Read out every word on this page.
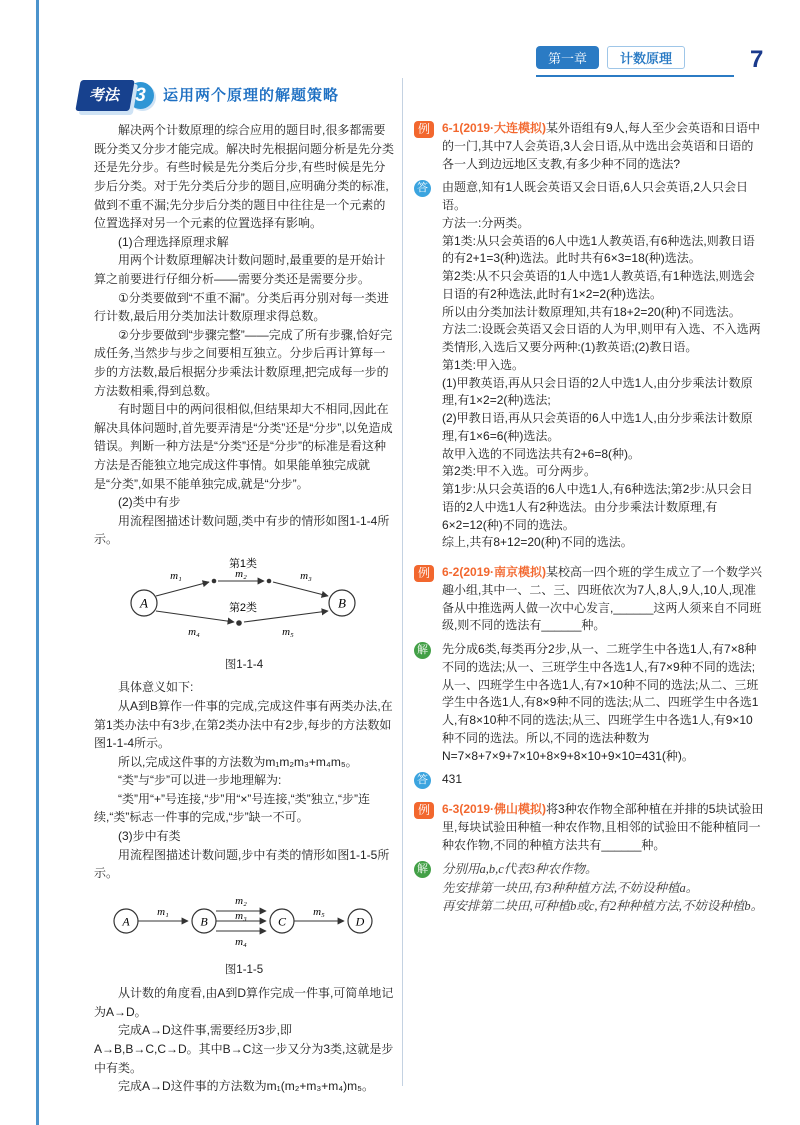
第一章	计数原理	7
考法 3	运用两个原理的解题策略

解决两个计数原理的综合应用的题目时,很多都需要既分类又分步才能完成。解决时先根据问题分析是先分类还是先分步。有些时候是先分类后分步,有些时候是先分步后分类。对于先分类后分步的题目,应明确分类的标准,做到不重不漏;先分步后分类的题目中往往是一个元素的位置选择对另一个元素的位置选择有影响。

(1)合理选择原理求解

用两个计数原理解决计数问题时,最重要的是开始计算之前要进行仔细分析——需要分类还是需要分步。

①分类要做到“不重不漏”。分类后再分别对每一类进行计数,最后用分类加法计数原理求得总数。

②分步要做到“步骤完整”——完成了所有步骤,恰好完成任务,当然步与步之间要相互独立。分步后再计算每一步的方法数,最后根据分步乘法计数原理,把完成每一步的方法数相乘,得到总数。

有时题目中的两问很相似,但结果却大不相同,因此在解决具体问题时,首先要弄清是“分类”还是“分步”,以免造成错误。判断一种方法是“分类”还是“分步”的标准是看这种方法是否能独立地完成这件事情。如果能单独完成就是“分类”,如果不能单独完成,就是“分步”。

(2)类中有步

用流程图描述计数问题,类中有步的情形如图1-1-4所示。

A	B
第1类
m₁	m₂	m₃
第2类
m₄	m₅
图1-1-4

具体意义如下:

从A到B算作一件事的完成,完成这件事有两类办法,在第1类办法中有3步,在第2类办法中有2步,每步的方法数如图1-1-4所示。

所以,完成这件事的方法数为m₁m₂m₃+m₄m₅。

“类”与“步”可以进一步地理解为:

“类”用“+”号连接,“步”用“×”号连接,“类”独立,“步”连续,“类”标志一件事的完成,“步”缺一不可。

(3)步中有类

用流程图描述计数问题,步中有类的情形如图1-1-5所示。

A	B	C	D
m₁
m₂
m₃
m₄
m₅
图1-1-5

从计数的角度看,由A到D算作完成一件事,可简单地记为A→D。

完成A→D这件事,需要经历3步,即A→B,B→C,C→D。其中B→C这一步又分为3类,这就是步中有类。

完成A→D这件事的方法数为m₁(m₂+m₃+m₄)m₅。

例 6-1(2019·大连模拟)某外语组有9人,每人至少会英语和日语中的一门,其中7人会英语,3人会日语,从中选出会英语和日语的各一人到边远地区支教,有多少种不同的选法?

答 由题意,知有1人既会英语又会日语,6人只会英语,2人只会日语。

方法一:分两类。

第1类:从只会英语的6人中选1人教英语,有6种选法,则教日语的有2+1=3(种)选法。此时共有6×3=18(种)选法。

第2类:从不只会英语的1人中选1人教英语,有1种选法,则选会日语的有2种选法,此时有1×2=2(种)选法。

所以由分类加法计数原理知,共有18+2=20(种)不同选法。

方法二:设既会英语又会日语的人为甲,则甲有入选、不入选两类情形,入选后又要分两种:(1)教英语;(2)教日语。

第1类:甲入选。

(1)甲教英语,再从只会日语的2人中选1人,由分步乘法计数原理,有1×2=2(种)选法;

(2)甲教日语,再从只会英语的6人中选1人,由分步乘法计数原理,有1×6=6(种)选法。

故甲入选的不同选法共有2+6=8(种)。

第2类:甲不入选。可分两步。

第1步:从只会英语的6人中选1人,有6种选法;第2步:从只会日语的2人中选1人有2种选法。由分步乘法计数原理,有6×2=12(种)不同的选法。

综上,共有8+12=20(种)不同的选法。

例 6-2(2019·南京模拟)某校高一四个班的学生成立了一个数学兴趣小组,其中一、二、三、四班依次为7人,8人,9人,10人,现准备从中推选两人做一次中心发言,______这两人须来自不同班级,则不同的选法有______种。

解 先分成6类,每类再分2步,从一、二班学生中各选1人,有7×8种不同的选法;从一、三班学生中各选1人,有7×9种不同的选法;从一、四班学生中各选1人,有7×10种不同的选法;从二、三班学生中各选1人,有8×9种不同的选法;从二、四班学生中各选1人,有8×10种不同的选法;从三、四班学生中各选1人,有9×10种不同的选法。所以,不同的选法种数为N=7×8+7×9+7×10+8×9+8×10+9×10=431(种)。

答 431

例 6-3(2019·佛山模拟)将3种农作物全部种植在并排的5块试验田里,每块试验田种植一种农作物,且相邻的试验田不能种植同一种农作物,不同的种植方法共有______种。

解 分别用a,b,c代表3种农作物。

先安排第一块田,有3种种植方法,不妨设种植a。

再安排第二块田,可种植b或c,有2种种植方法,不妨设种植b。
